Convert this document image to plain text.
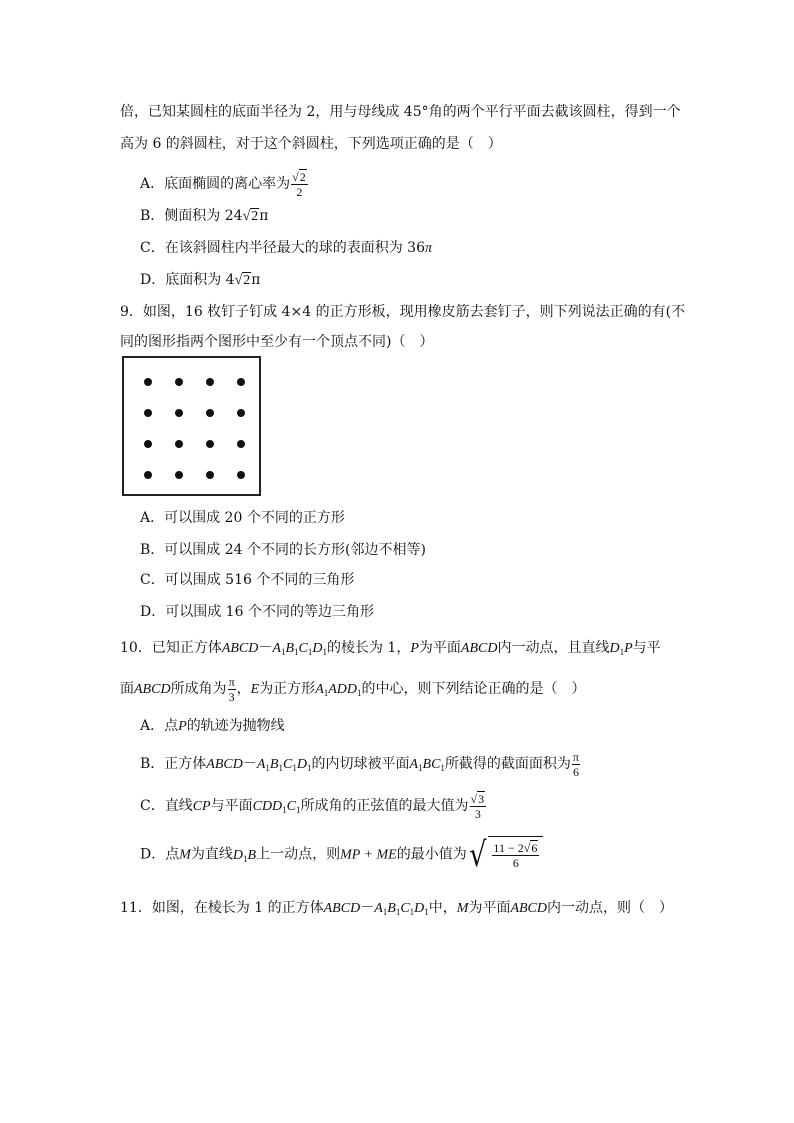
倍，已知某圆柱的底面半径为 2，用与母线成 45°角的两个平行平面去截该圆柱，得到一个
高为 6 的斜圆柱，对于这个斜圆柱，下列选项正确的是（　）
A．底面椭圆的离心率为 $\frac{√2}{2}$
B．侧面积为 24√2π
C．在该斜圆柱内半径最大的球的表面积为 36π
D．底面积为 4√2π
9．如图，16 枚钉子钉成 4×4 的正方形板，现用橡皮筋去套钉子，则下列说法正确的有(不
同的图形指两个图形中至少有一个顶点不同)（　）
A．可以围成 20 个不同的正方形
B．可以围成 24 个不同的长方形(邻边不相等)
C．可以围成 516 个不同的三角形
D．可以围成 16 个不同的等边三角形
10．已知正方体$ABCD-A_1B_1C_1D_1$的棱长为 1，P为平面ABCD内一动点，且直线$D_1P$与平
面ABCD所成角为 $\frac{\pi}{3}$ ，E为正方形$A_1ADD_1$的中心，则下列结论正确的是（　）
A．点P的轨迹为抛物线
B．正方体$ABCD-A_1B_1C_1D_1$的内切球被平面$A_1BC_1$所截得的截面面积为 $\frac{\pi}{6}$
C．直线CP与平面$CDD_1C_1$所成角的正弦值的最大值为 $\frac{√3}{3}$
D．点M为直线$D_1B$上一动点，则MP + ME的最小值为√ $\frac{11 - 2√6}{6}$
11．如图，在棱长为 1 的正方体$ABCD-A_1B_1C_1D_1$中，M为平面ABCD内一动点，则（　）
